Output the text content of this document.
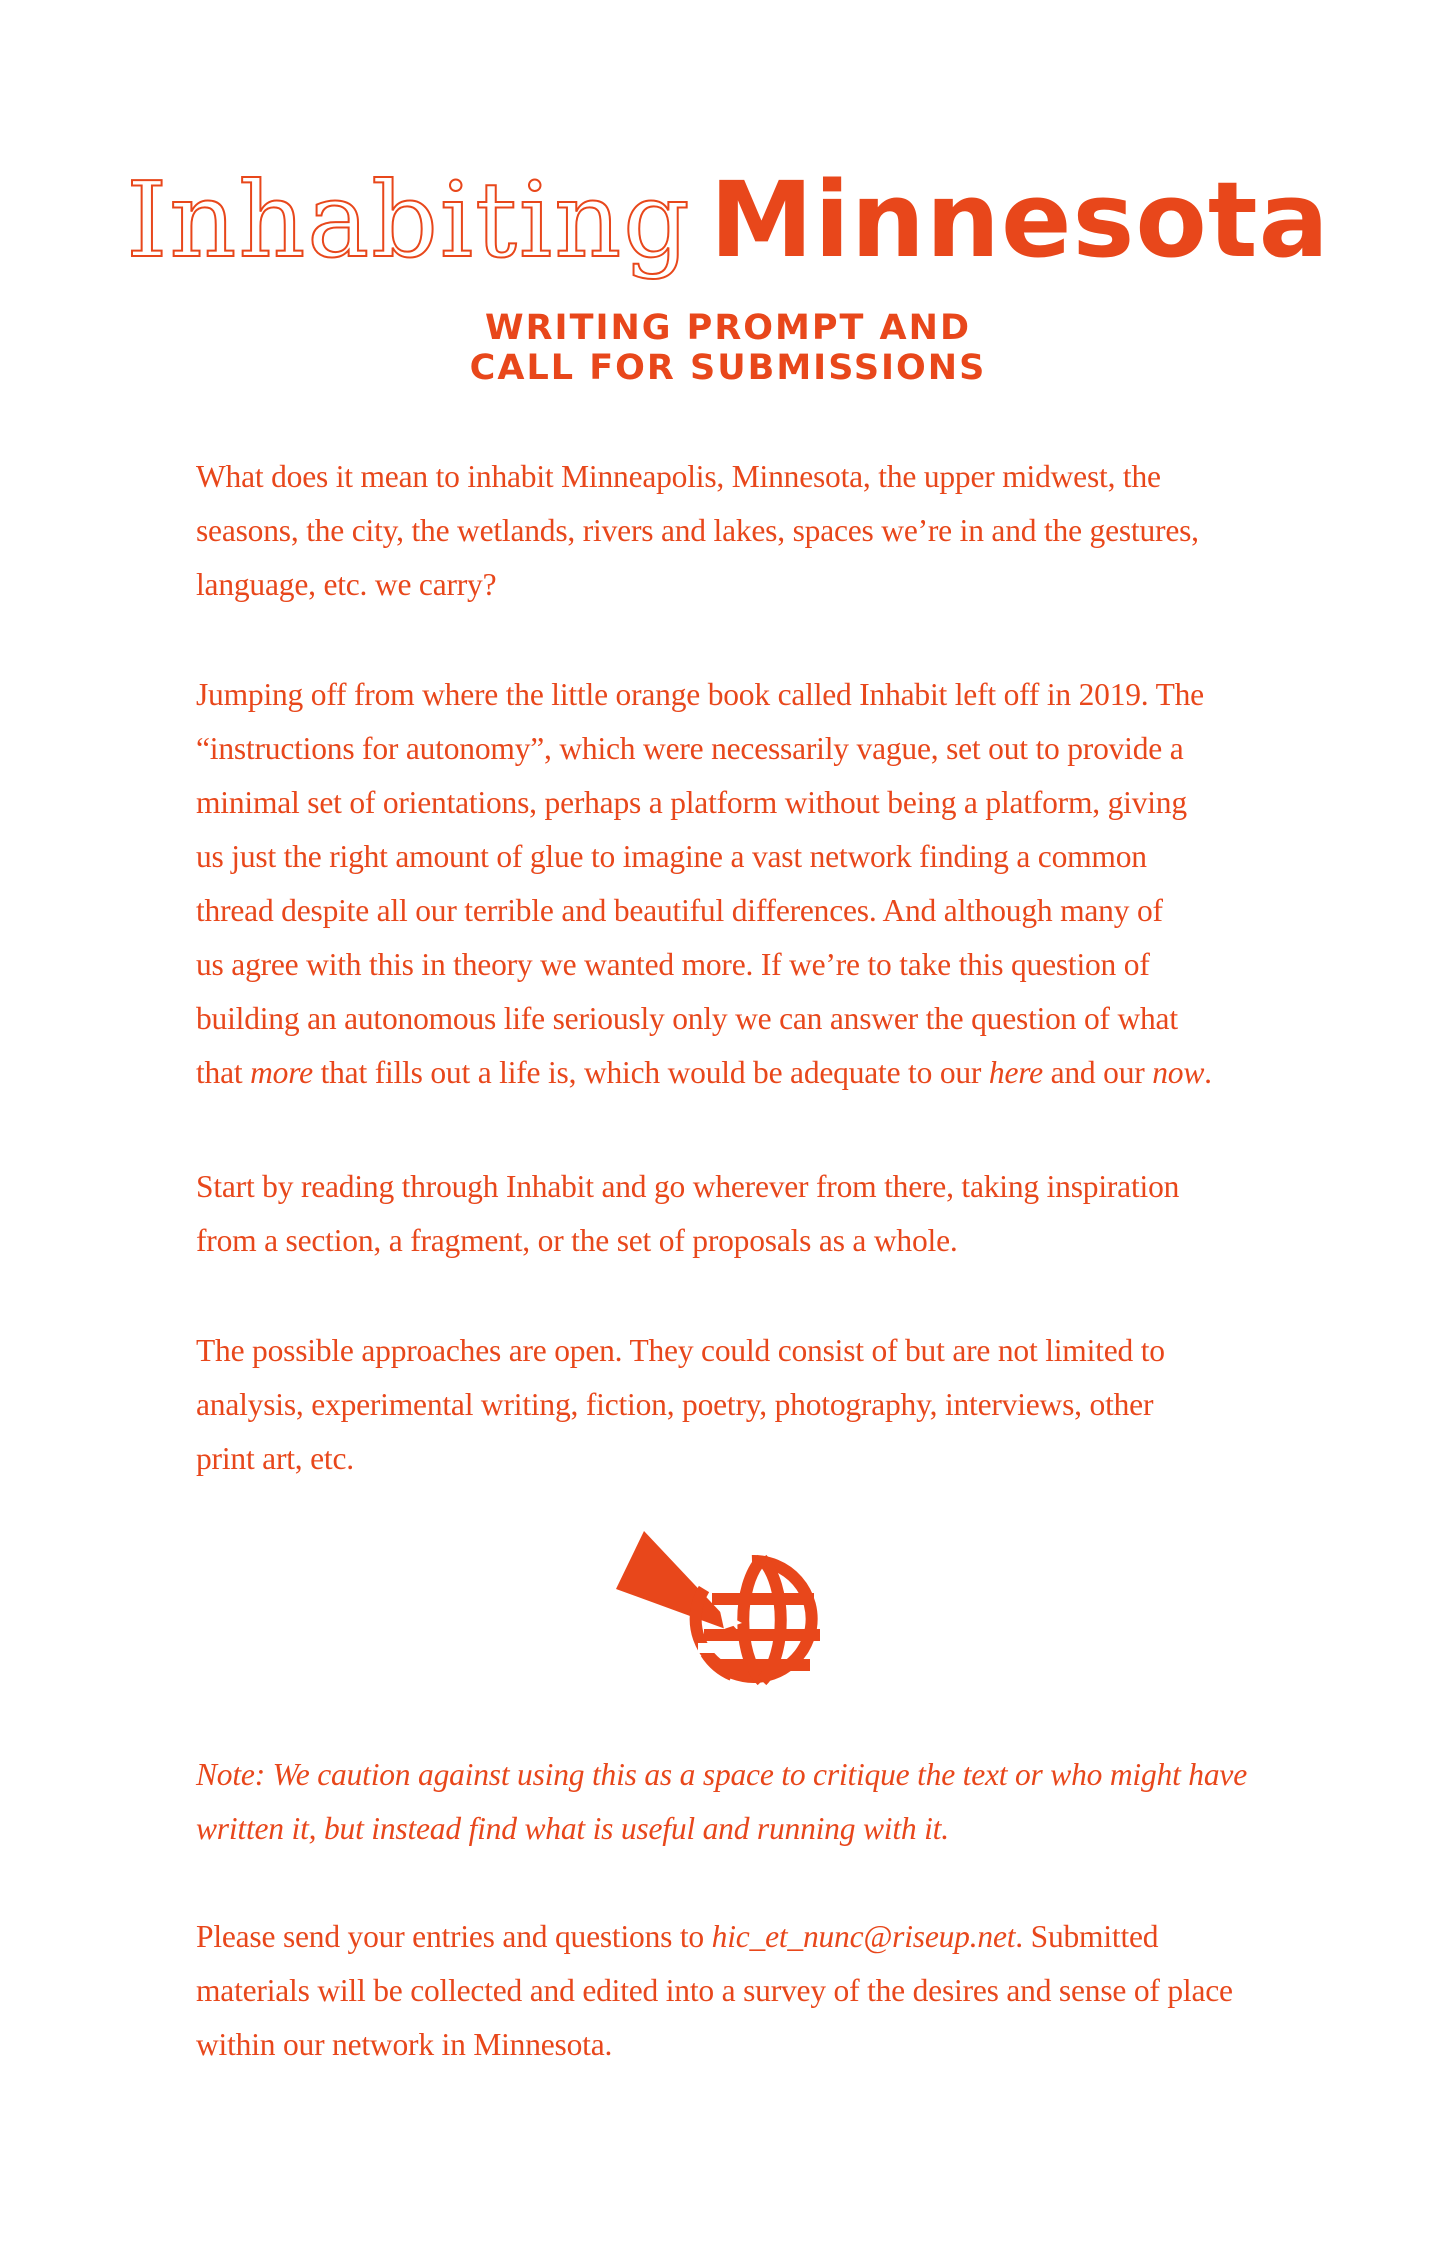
Inhabiting Minnesota
WRITING PROMPT AND
CALL FOR SUBMISSIONS

What does it mean to inhabit Minneapolis, Minnesota, the upper midwest, the
seasons, the city, the wetlands, rivers and lakes, spaces we’re in and the gestures,
language, etc. we carry?

Jumping off from where the little orange book called Inhabit left off in 2019. The
“instructions for autonomy”, which were necessarily vague, set out to provide a
minimal set of orientations, perhaps a platform without being a platform, giving
us just the right amount of glue to imagine a vast network finding a common
thread despite all our terrible and beautiful differences. And although many of
us agree with this in theory we wanted more. If we’re to take this question of
building an autonomous life seriously only we can answer the question of what
that more that fills out a life is, which would be adequate to our here and our now.

Start by reading through Inhabit and go wherever from there, taking inspiration
from a section, a fragment, or the set of proposals as a whole.

The possible approaches are open. They could consist of but are not limited to
analysis, experimental writing, fiction, poetry, photography, interviews, other
print art, etc.

Note: We caution against using this as a space to critique the text or who might have
written it, but instead find what is useful and running with it.

Please send your entries and questions to hic_et_nunc@riseup.net. Submitted
materials will be collected and edited into a survey of the desires and sense of place
within our network in Minnesota.
